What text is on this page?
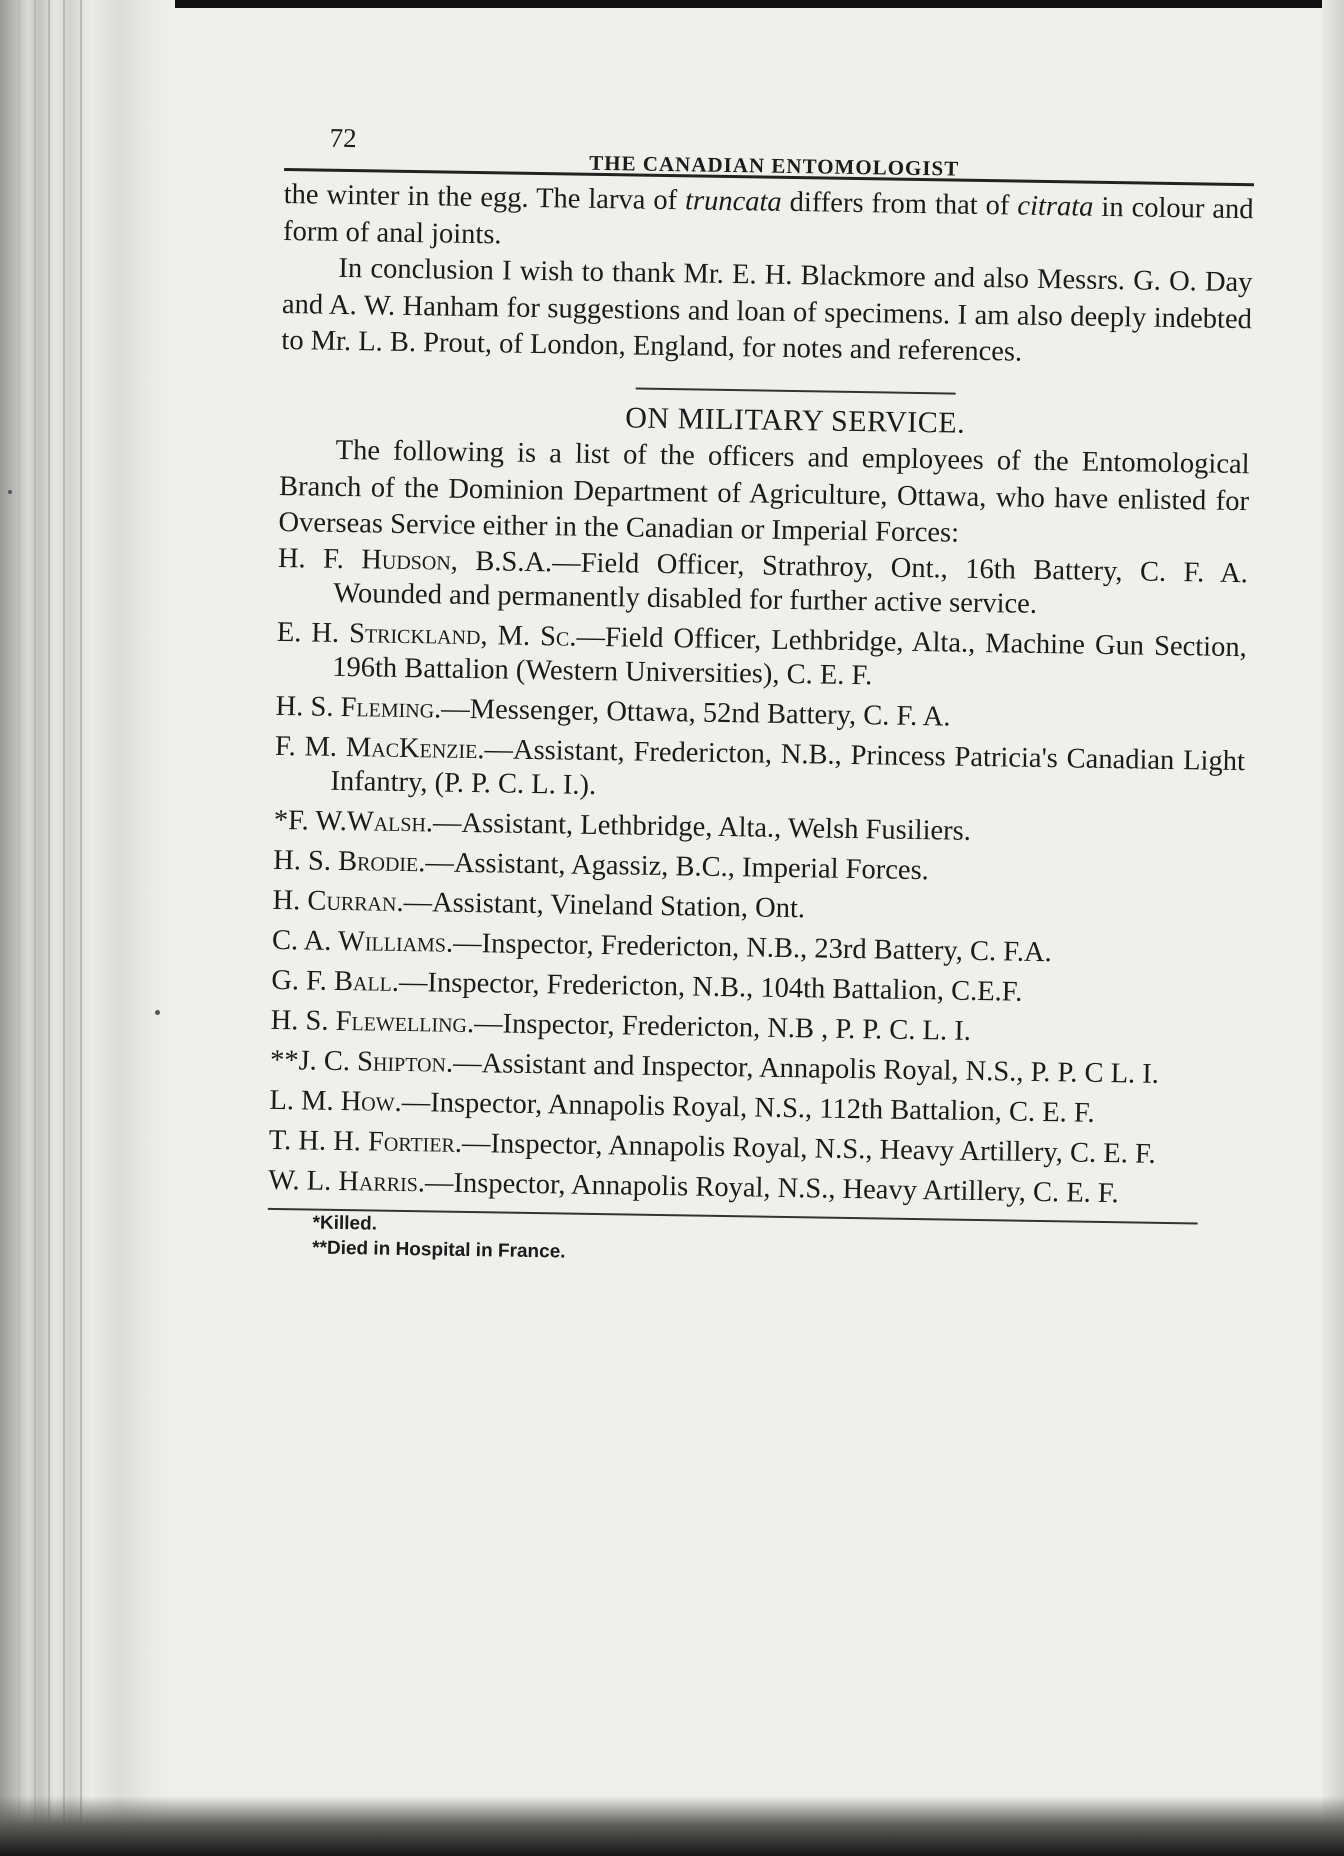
72
THE CANADIAN ENTOMOLOGIST

the winter in the egg. The larva of truncata differs from that of citrata in colour and form of anal joints.

In conclusion I wish to thank Mr. E. H. Blackmore and also Messrs. G. O. Day and A. W. Hanham for suggestions and loan of specimens. I am also deeply indebted to Mr. L. B. Prout, of London, England, for notes and references.

ON MILITARY SERVICE.

The following is a list of the officers and employees of the Entomological Branch of the Dominion Department of Agriculture, Ottawa, who have enlisted for Overseas Service either in the Canadian or Imperial Forces:

H. F. Hudson, B.S.A.—Field Officer, Strathroy, Ont., 16th Battery, C. F. A. Wounded and permanently disabled for further active service.

E. H. Strickland, M. Sc.—Field Officer, Lethbridge, Alta., Machine Gun Section, 196th Battalion (Western Universities), C. E. F.

H. S. Fleming.—Messenger, Ottawa, 52nd Battery, C. F. A.

F. M. MacKenzie.—Assistant, Fredericton, N.B., Princess Patricia's Canadian Light Infantry, (P. P. C. L. I.).

*F. W.Walsh.—Assistant, Lethbridge, Alta., Welsh Fusiliers.

H. S. Brodie.—Assistant, Agassiz, B.C., Imperial Forces.

H. Curran.—Assistant, Vineland Station, Ont.

C. A. Williams.—Inspector, Fredericton, N.B., 23rd Battery, C. F.A.

G. F. Ball.—Inspector, Fredericton, N.B., 104th Battalion, C.E.F.

H. S. Flewelling.—Inspector, Fredericton, N.B , P. P. C. L. I.

**J. C. Shipton.—Assistant and Inspector, Annapolis Royal, N.S., P. P. C L. I.

L. M. How.—Inspector, Annapolis Royal, N.S., 112th Battalion, C. E. F.

T. H. H. Fortier.—Inspector, Annapolis Royal, N.S., Heavy Artillery, C. E. F.

W. L. Harris.—Inspector, Annapolis Royal, N.S., Heavy Artillery, C. E. F.

*Killed.

**Died in Hospital in France.
